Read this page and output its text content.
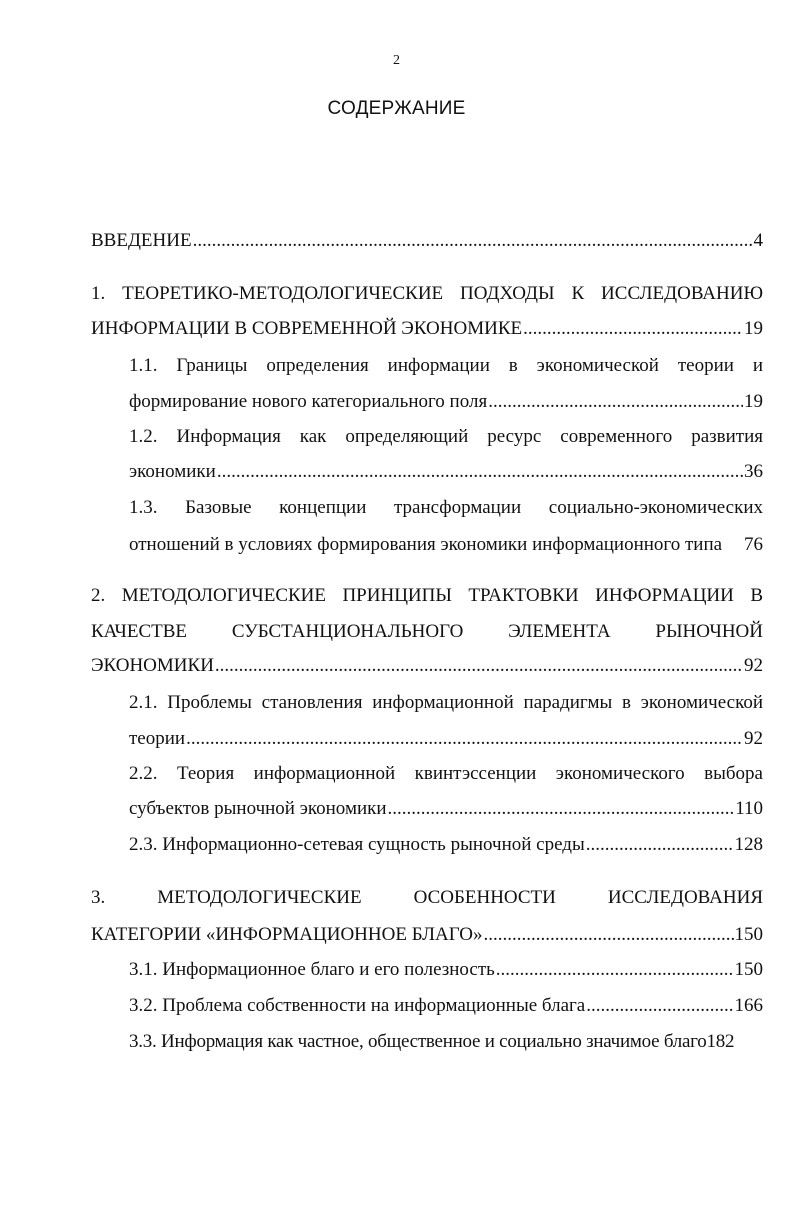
2
СОДЕРЖАНИЕ
ВВЕДЕНИЕ .....	4
1. ТЕОРЕТИКО-МЕТОДОЛОГИЧЕСКИЕ ПОДХОДЫ К ИССЛЕДОВАНИЮ
ИНФОРМАЦИИ В СОВРЕМЕННОЙ ЭКОНОМИКЕ .....	19
1.1. Границы определения информации в экономической теории и
формирование нового категориального поля .....	19
1.2. Информация как определяющий ресурс современного развития
экономики .....	36
1.3. Базовые концепции трансформации социально-экономических
отношений в условиях формирования экономики информационного типа 76
2. МЕТОДОЛОГИЧЕСКИЕ ПРИНЦИПЫ ТРАКТОВКИ ИНФОРМАЦИИ В
КАЧЕСТВЕ СУБСТАНЦИОНАЛЬНОГО ЭЛЕМЕНТА РЫНОЧНОЙ
ЭКОНОМИКИ .....	92
2.1. Проблемы становления информационной парадигмы в экономической
теории .....	92
2.2. Теория информационной квинтэссенции экономического выбора
субъектов рыночной экономики .....	110
2.3. Информационно-сетевая сущность рыночной среды .....	128
3. МЕТОДОЛОГИЧЕСКИЕ ОСОБЕННОСТИ ИССЛЕДОВАНИЯ
КАТЕГОРИИ «ИНФОРМАЦИОННОЕ БЛАГО» .....	150
3.1. Информационное благо и его полезность .....	150
3.2. Проблема собственности на информационные блага .....	166
3.3. Информация как частное, общественное и социально значимое благо 182
